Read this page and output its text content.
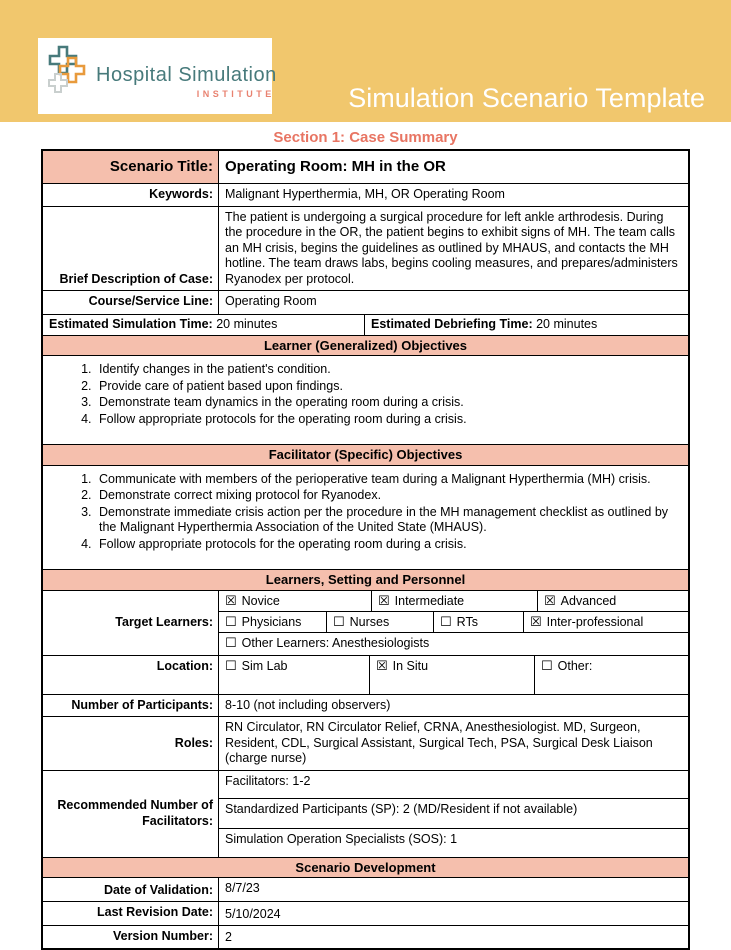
Hospital Simulation
INSTITUTE	Simulation Scenario Template
Section 1: Case Summary
Scenario Title: Operating Room: MH in the OR
Keywords: Malignant Hyperthermia, MH, OR Operating Room
Brief Description of Case:
The patient is undergoing a surgical procedure for left ankle arthrodesis. During the procedure in the OR, the patient begins to exhibit signs of MH. The team calls an MH crisis, begins the guidelines as outlined by MHAUS, and contacts the MH hotline. The team draws labs, begins cooling measures, and prepares/administers Ryanodex per protocol.
Course/Service Line: Operating Room
Estimated Simulation Time: 20 minutes	Estimated Debriefing Time: 20 minutes
Learner (Generalized) Objectives
1. Identify changes in the patient's condition.
2. Provide care of patient based upon findings.
3. Demonstrate team dynamics in the operating room during a crisis.
4. Follow appropriate protocols for the operating room during a crisis.
Facilitator (Specific) Objectives
1. Communicate with members of the perioperative team during a Malignant Hyperthermia (MH) crisis.
2. Demonstrate correct mixing protocol for Ryanodex.
3. Demonstrate immediate crisis action per the procedure in the MH management checklist as outlined by the Malignant Hyperthermia Association of the United State (MHAUS).
4. Follow appropriate protocols for the operating room during a crisis.
Learners, Setting and Personnel
Target Learners:
☒ Novice	☒ Intermediate	☒ Advanced
☐ Physicians ☐ Nurses	☐ RTs	☒ Inter-professional
☐ Other Learners: Anesthesiologists
Location: ☐ Sim Lab	☒ In Situ	☐ Other:
Number of Participants: 8-10 (not including observers)
Roles:
RN Circulator, RN Circulator Relief, CRNA, Anesthesiologist. MD, Surgeon, Resident, CDL, Surgical Assistant, Surgical Tech, PSA, Surgical Desk Liaison (charge nurse)
Recommended Number of Facilitators:
Facilitators: 1-2
Standardized Participants (SP): 2 (MD/Resident if not available)
Simulation Operation Specialists (SOS): 1
Scenario Development
Date of Validation: 8/7/23
Last Revision Date: 5/10/2024
Version Number: 2
